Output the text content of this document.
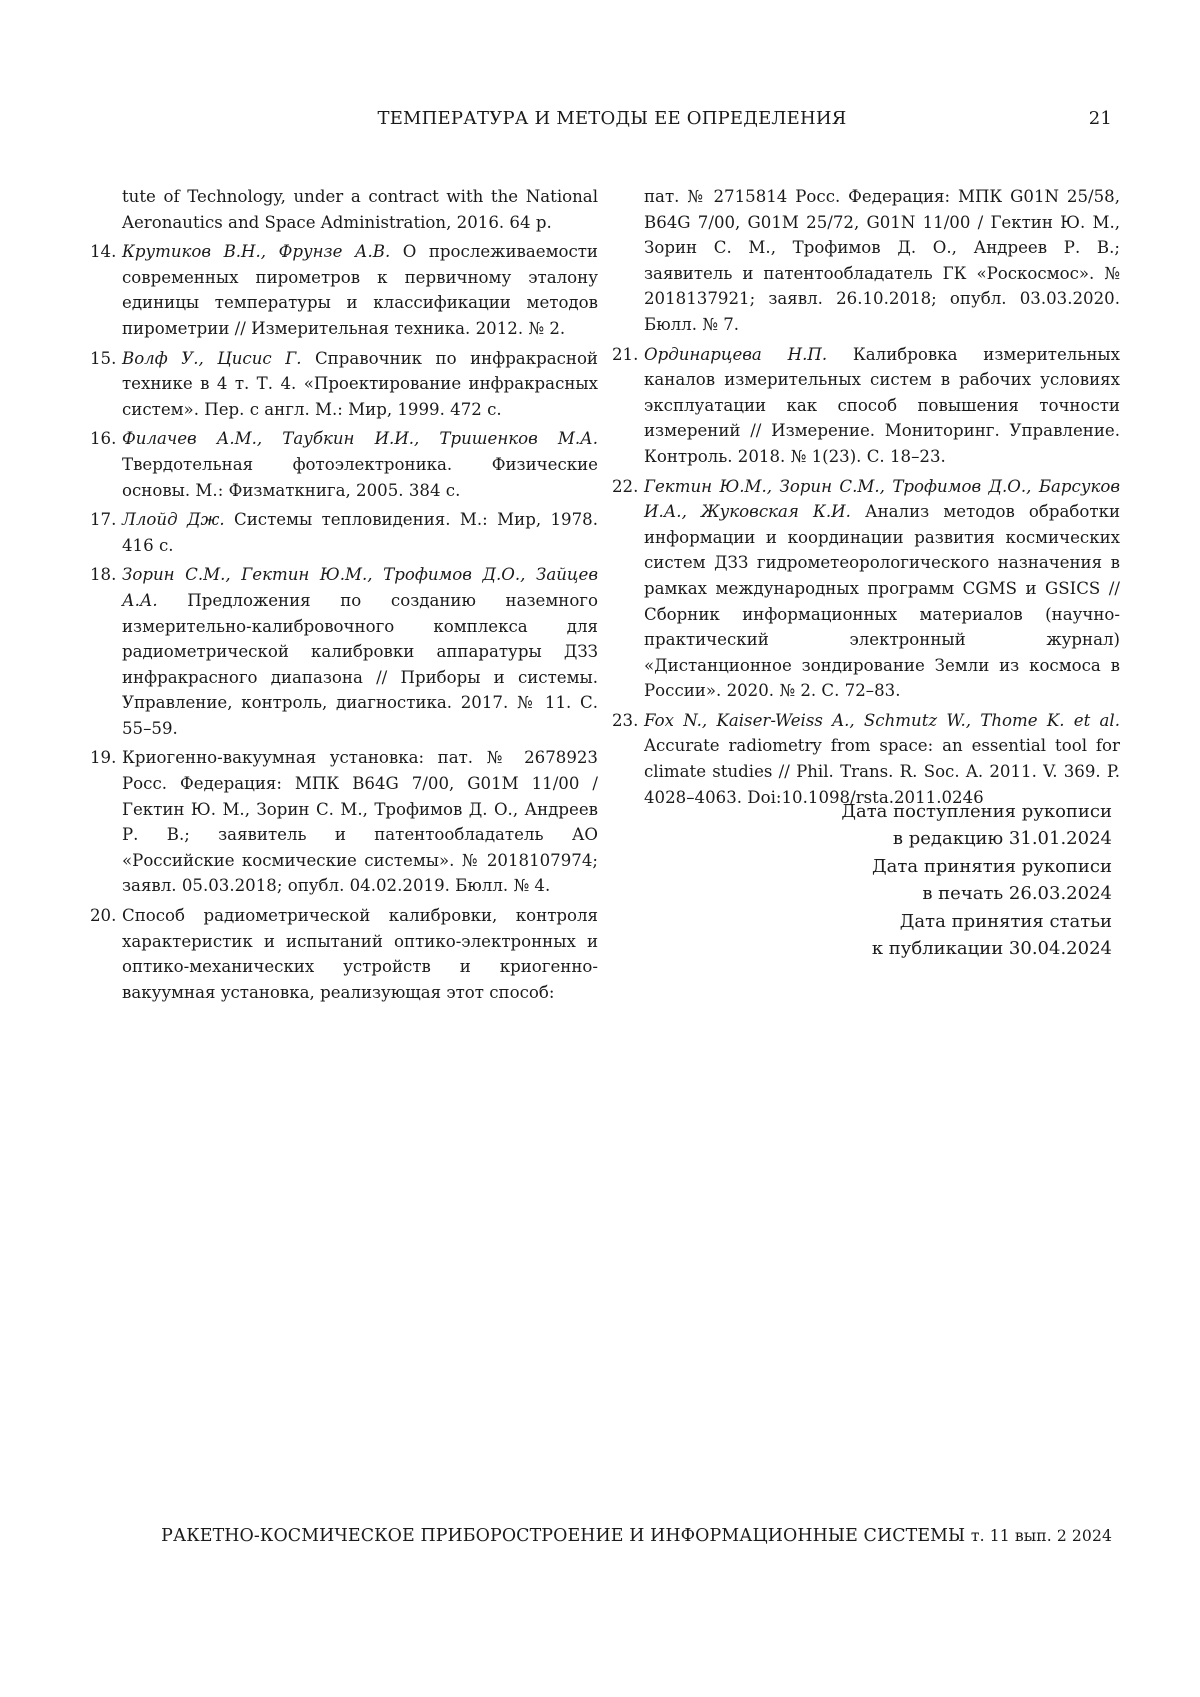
ТЕМПЕРАТУРА И МЕТОДЫ ЕЕ ОПРЕДЕЛЕНИЯ	21
tute of Technology, under a contract with the National Aeronautics and Space Administration, 2016. 64 p.
14. Крутиков В.Н., Фрунзе А.В. О прослеживаемости современных пирометров к первичному эталону единицы температуры и классификации методов пирометрии // Измерительная техника. 2012. № 2.
15. Волф У., Цисис Г. Справочник по инфракрасной технике в 4 т. Т. 4. «Проектирование инфракрасных систем». Пер. с англ. М.: Мир, 1999. 472 с.
16. Филачев А.М., Таубкин И.И., Тришенков М.А. Твердотельная фотоэлектроника. Физические основы. М.: Физматкнига, 2005. 384 с.
17. Ллойд Дж. Системы тепловидения. М.: Мир, 1978. 416 с.
18. Зорин С.М., Гектин Ю.М., Трофимов Д.О., Зайцев А.А. Предложения по созданию наземного измерительно-калибровочного комплекса для радиометрической калибровки аппаратуры ДЗЗ инфракрасного диапазона // Приборы и системы. Управление, контроль, диагностика. 2017. № 11. С. 55–59.
19. Криогенно-вакуумная установка: пат. № 2678923 Росс. Федерация: МПК B64G 7/00, G01M 11/00 / Гектин Ю. М., Зорин С. М., Трофимов Д. О., Андреев Р. В.; заявитель и патентообладатель АО «Российские космические системы». № 2018107974; заявл. 05.03.2018; опубл. 04.02.2019. Бюлл. № 4.
20. Способ радиометрической калибровки, контроля характеристик и испытаний оптико-электронных и оптико-механических устройств и криогенно-вакуумная установка, реализующая этот способ:
пат. № 2715814 Росс. Федерация: МПК G01N 25/58, B64G 7/00, G01M 25/72, G01N 11/00 / Гектин Ю. М., Зорин С. М., Трофимов Д. О., Андреев Р. В.; заявитель и патентообладатель ГК «Роскосмос». № 2018137921; заявл. 26.10.2018; опубл. 03.03.2020. Бюлл. № 7.
21. Ординарцева Н.П. Калибровка измерительных каналов измерительных систем в рабочих условиях эксплуатации как способ повышения точности измерений // Измерение. Мониторинг. Управление. Контроль. 2018. № 1(23). С. 18–23.
22. Гектин Ю.М., Зорин С.М., Трофимов Д.О., Барсуков И.А., Жуковская К.И. Анализ методов обработки информации и координации развития космических систем ДЗЗ гидрометеорологического назначения в рамках международных программ CGMS и GSICS // Сборник информационных материалов (научно-практический электронный журнал) «Дистанционное зондирование Земли из космоса в России». 2020. № 2. С. 72–83.
23. Fox N., Kaiser-Weiss A., Schmutz W., Thome K. et al. Accurate radiometry from space: an essential tool for climate studies // Phil. Trans. R. Soc. A. 2011. V. 369. P. 4028–4063. Doi:10.1098/rsta.2011.0246
Дата поступления рукописи
в редакцию 31.01.2024
Дата принятия рукописи
в печать 26.03.2024
Дата принятия статьи
к публикации 30.04.2024
РАКЕТНО-КОСМИЧЕСКОЕ ПРИБОРОСТРОЕНИЕ И ИНФОРМАЦИОННЫЕ СИСТЕМЫ т. 11 вып. 2 2024
